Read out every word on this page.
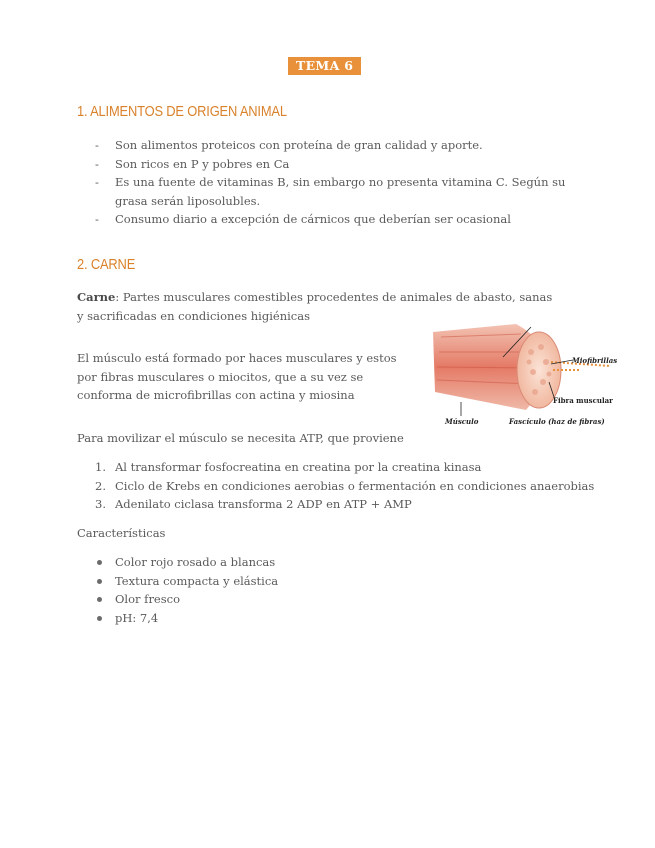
TEMA 6
1. ALIMENTOS DE ORIGEN ANIMAL
- Son alimentos proteicos con proteína de gran calidad y aporte.
- Son ricos en P y pobres en Ca
- Es una fuente de vitaminas B, sin embargo no presenta vitamina C. Según su grasa serán liposolubles.
- Consumo diario a excepción de cárnicos que deberían ser ocasional
2. CARNE
Carne: Partes musculares comestibles procedentes de animales de abasto, sanas y sacrificadas en condiciones higiénicas
El músculo está formado por haces musculares y estos por fibras musculares o miocitos, que a su vez se conforma de microfibrillas con actina y miosina
Miofibrillas
Fibra muscular
Músculo	Fascículo (haz de fibras)
Para movilizar el músculo se necesita ATP, que proviene
1. Al transformar fosfocreatina en creatina por la creatina kinasa
2. Ciclo de Krebs en condiciones aerobias o fermentación en condiciones anaerobias
3. Adenilato ciclasa transforma 2 ADP en ATP + AMP
Características
Color rojo rosado a blancas
Textura compacta y elástica
Olor fresco
pH: 7,4
